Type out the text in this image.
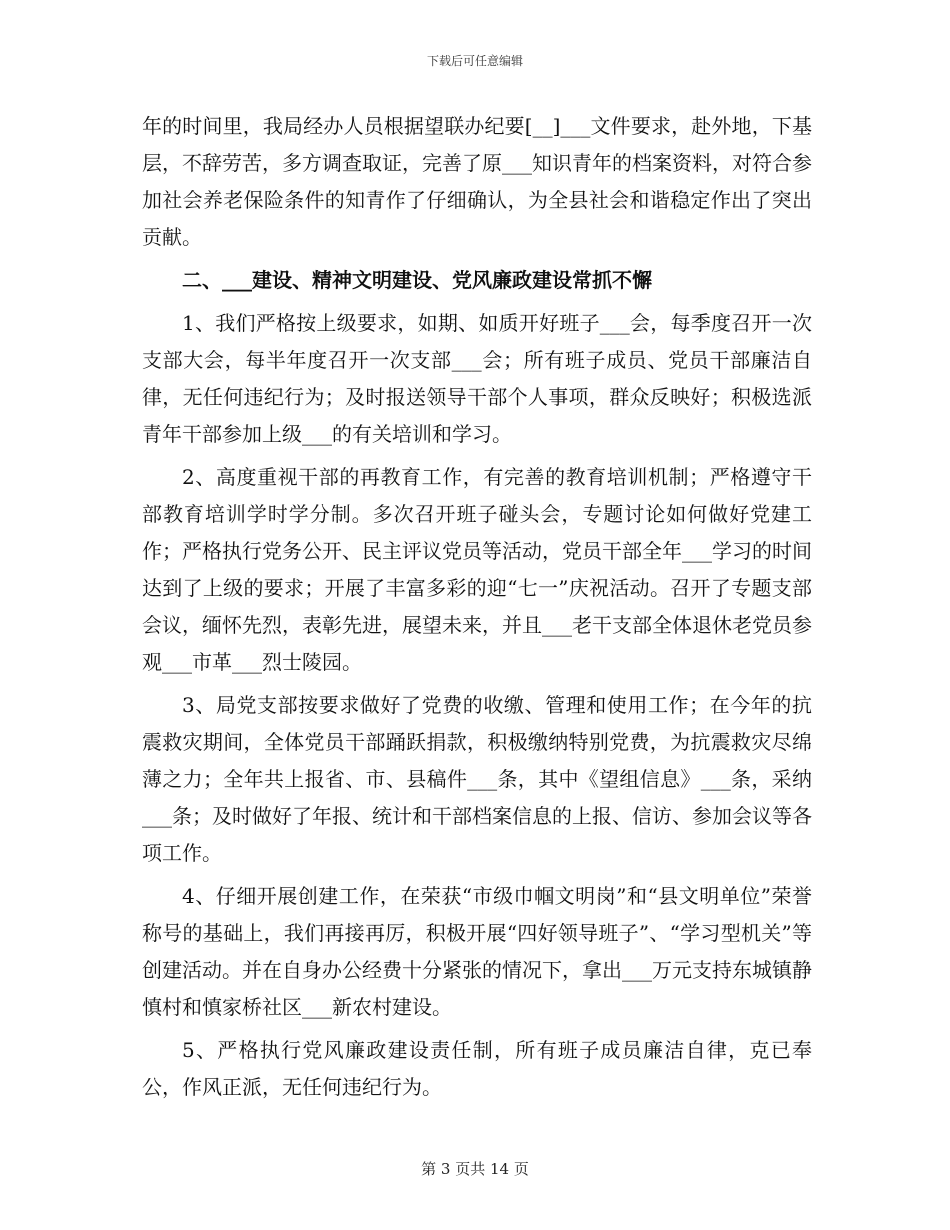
下载后可任意编辑

年的时间里，我局经办人员根据望联办纪要[__]___文件要求，赴外地，下基层，不辞劳苦，多方调查取证，完善了原___知识青年的档案资料，对符合参加社会养老保险条件的知青作了仔细确认，为全县社会和谐稳定作出了突出贡献。

二、___建设、精神文明建设、党风廉政建设常抓不懈

1、我们严格按上级要求，如期、如质开好班子___会，每季度召开一次支部大会，每半年度召开一次支部___会；所有班子成员、党员干部廉洁自律，无任何违纪行为；及时报送领导干部个人事项，群众反映好；积极选派青年干部参加上级___的有关培训和学习。

2、高度重视干部的再教育工作，有完善的教育培训机制；严格遵守干部教育培训学时学分制。多次召开班子碰头会，专题讨论如何做好党建工作；严格执行党务公开、民主评议党员等活动，党员干部全年___学习的时间达到了上级的要求；开展了丰富多彩的迎“七一”庆祝活动。召开了专题支部会议，缅怀先烈，表彰先进，展望未来，并且___老干支部全体退休老党员参观___市革___烈士陵园。

3、局党支部按要求做好了党费的收缴、管理和使用工作；在今年的抗震救灾期间，全体党员干部踊跃捐款，积极缴纳特别党费，为抗震救灾尽绵薄之力；全年共上报省、市、县稿件___条，其中《望组信息》___条，采纳___条；及时做好了年报、统计和干部档案信息的上报、信访、参加会议等各项工作。

4、仔细开展创建工作，在荣获“市级巾帼文明岗”和“县文明单位”荣誉称号的基础上，我们再接再厉，积极开展“四好领导班子”、“学习型机关”等创建活动。并在自身办公经费十分紧张的情况下，拿出___万元支持东城镇静慎村和慎家桥社区___新农村建设。

5、严格执行党风廉政建设责任制，所有班子成员廉洁自律，克已奉公，作风正派，无任何违纪行为。

第 3 页共 14 页
